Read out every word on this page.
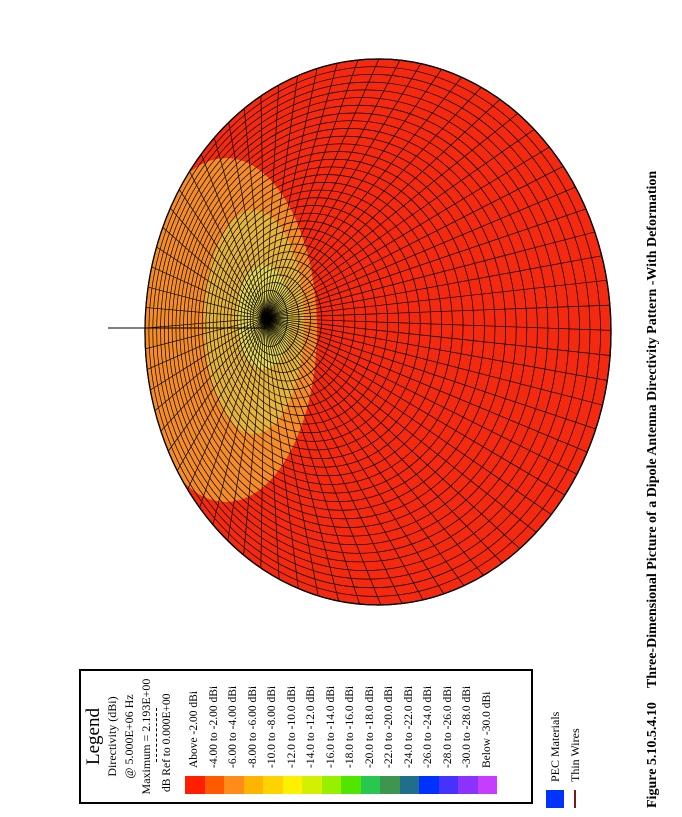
Legend Directivity (dBi) @ 5.000E+06 Hz Maximum = 2.193E+00 dB Ref to 0.000E+00 Above -2.00 dBi -4.00 to -2.00 dBi -6.00 to -4.00 dBi -8.00 to -6.00 dBi -10.0 to -8.00 dBi -12.0 to -10.0 dBi -14.0 to -12.0 dBi -16.0 to -14.0 dBi -18.0 to -16.0 dBi -20.0 to -18.0 dBi -22.0 to -20.0 dBi -24.0 to -22.0 dBi -26.0 to -24.0 dBi -28.0 to -26.0 dBi -30.0 to -28.0 dBi Below -30.0 dBi	PEC Materials Thin Wires	Figure 5.10.5.4.10Three-Dimensional Picture of a Dipole Antenna Directivity Pattern -With Deformation
